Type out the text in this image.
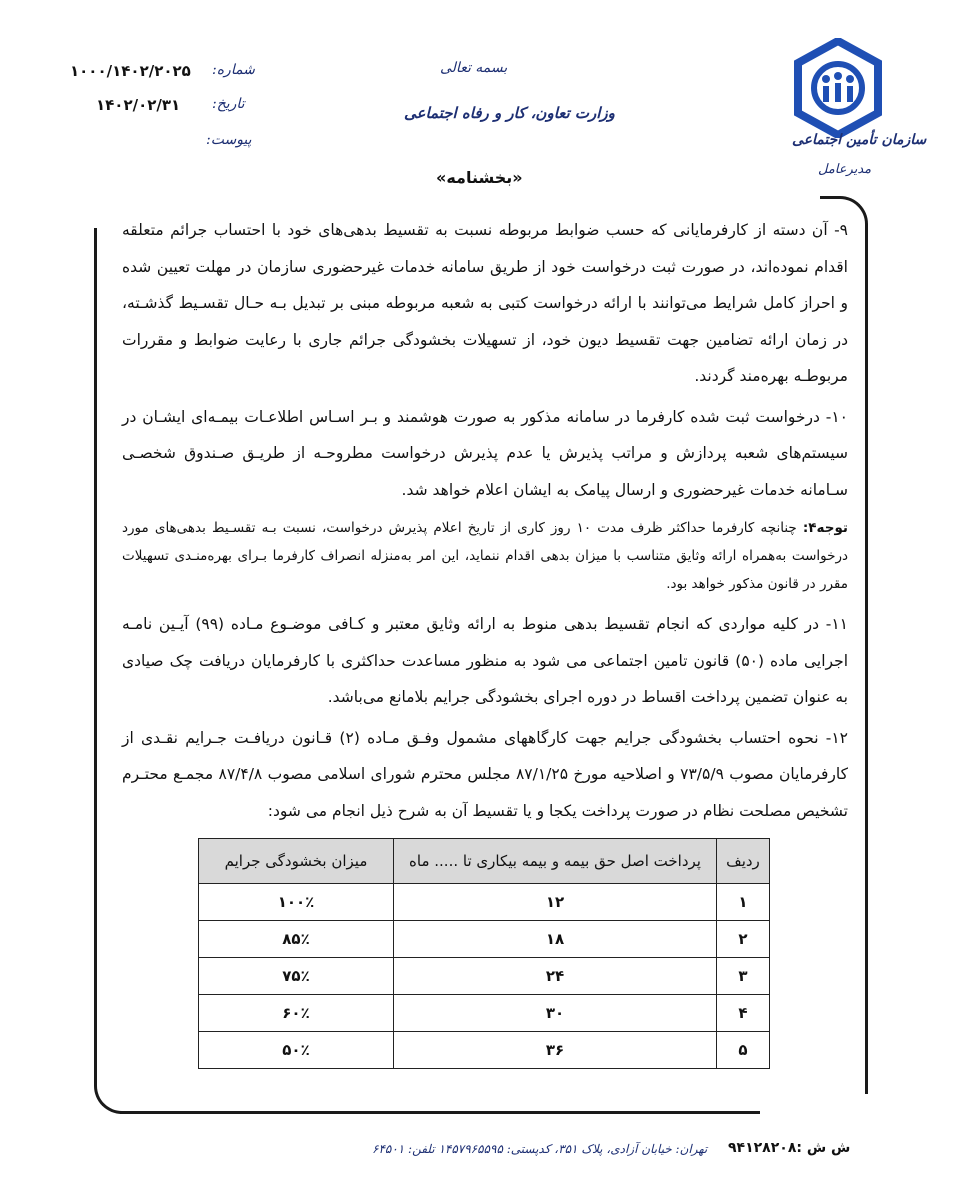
۱۰۰۰/۱۴۰۲/۲۰۲۵
۱۴۰۲/۰۲/۳۱
شماره:
تاریخ:
پیوست:
بسمه تعالی
وزارت تعاون، کار و رفاه اجتماعی
«بخشنامه»
سازمان تأمین اجتماعی
مدیرعامل

۹- آن دسته از کارفرمایانی که حسب ضوابط مربوطه نسبت به تقسیط بدهی‌های خود با احتساب جرائم متعلقه اقدام نموده‌اند، در صورت ثبت درخواست خود از طریق سامانه خدمات غیرحضوری سازمان در مهلت تعیین شده و احراز کامل شرایط می‌توانند با ارائه درخواست کتبی به شعبه مربوطه مبنی بر تبدیل بـه حـال تقسـیط گذشـته، در زمان ارائه تضامین جهت تقسیط دیون خود، از تسهیلات بخشودگی جرائم جاری با رعایت ضوابط و مقررات مربوطـه بهره‌مند گردند.

۱۰- درخواست ثبت شده کارفرما در سامانه مذکور به صورت هوشمند و بـر اسـاس اطلاعـات بیمـه‌ای ایشـان در سیستم‌های شعبه پردازش و مراتب پذیرش یا عدم پذیرش درخواست مطروحـه از طریـق صـندوق شخصـی سـامانه خدمات غیرحضوری و ارسال پیامک به ایشان اعلام خواهد شد.

توجه۴: چنانچه کارفرما حداکثر ظرف مدت ۱۰ روز کاری از تاریخ اعلام پذیرش درخواست، نسبت بـه تقسـیط بدهی‌های مورد درخواست به‌همراه ارائه وثایق متناسب با میزان بدهی اقدام ننماید، این امر به‌منزله انصراف کارفرما بـرای بهره‌منـدی تسهیلات مقرر در قانون مذکور خواهد بود.

۱۱- در کلیه مواردی که انجام تقسیط بدهی منوط به ارائه وثایق معتبر و کـافی موضـوع مـاده (۹۹) آیـین نامـه اجرایی ماده (۵۰) قانون تامین اجتماعی می شود به منظور مساعدت حداکثری با کارفرمایان دریافت چک صیادی به عنوان تضمین پرداخت اقساط در دوره اجرای بخشودگی جرایم بلامانع می‌باشد.

۱۲- نحوه احتساب بخشودگی جرایم جهت کارگاههای مشمول وفـق مـاده (۲) قـانون دریافـت جـرایم نقـدی از کارفرمایان مصوب ۷۳/۵/۹ و اصلاحیه مورخ ۸۷/۱/۲۵ مجلس محترم شورای اسلامی مصوب ۸۷/۴/۸ مجمـع محتـرم تشخیص مصلحت نظام در صورت پرداخت یکجا و یا تقسیط آن به شرح ذیل انجام می شود:

ردیف	پرداخت اصل حق بیمه و بیمه بیکاری تا ..... ماه	میزان بخشودگی جرایم
۱	۱۲	۱۰۰٪
۲	۱۸	۸۵٪
۳	۲۴	۷۵٪
۴	۳۰	۶۰٪
۵	۳۶	۵۰٪
تهران: خیابان آزادی، پلاک ۳۵۱، کدپستی: ۱۴۵۷۹۶۵۵۹۵ تلفن: ۶۴۵۰۱ ش ش :۹۴۱۲۸۲۰۸
